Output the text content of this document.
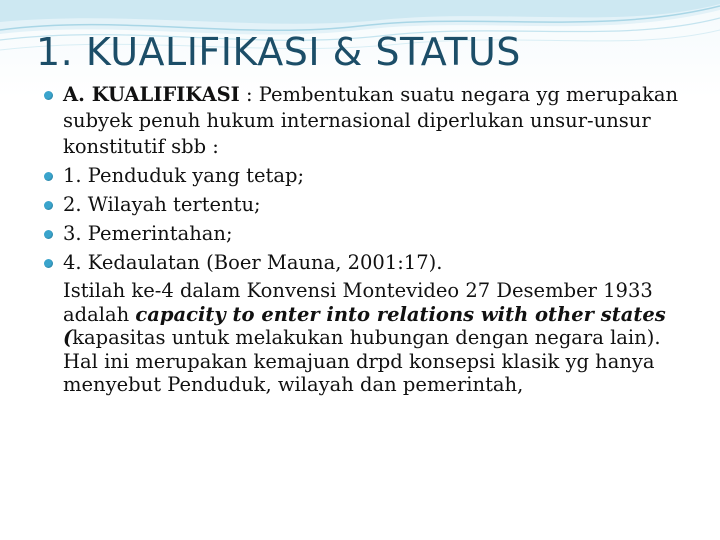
1. KUALIFIKASI & STATUS
A. KUALIFIKASI : Pembentukan suatu negara yg merupakan subyek penuh hukum internasional diperlukan unsur-unsur konstitutif sbb :
1. Penduduk yang tetap;
2. Wilayah tertentu;
3. Pemerintahan;
4. Kedaulatan (Boer Mauna, 2001:17).

Istilah ke-4 dalam Konvensi Montevideo 27 Desember 1933 adalah capacity to enter into relations with other states (kapasitas untuk melakukan hubungan dengan negara lain). Hal ini merupakan kemajuan drpd konsepsi klasik yg hanya menyebut Penduduk, wilayah dan pemerintah,
